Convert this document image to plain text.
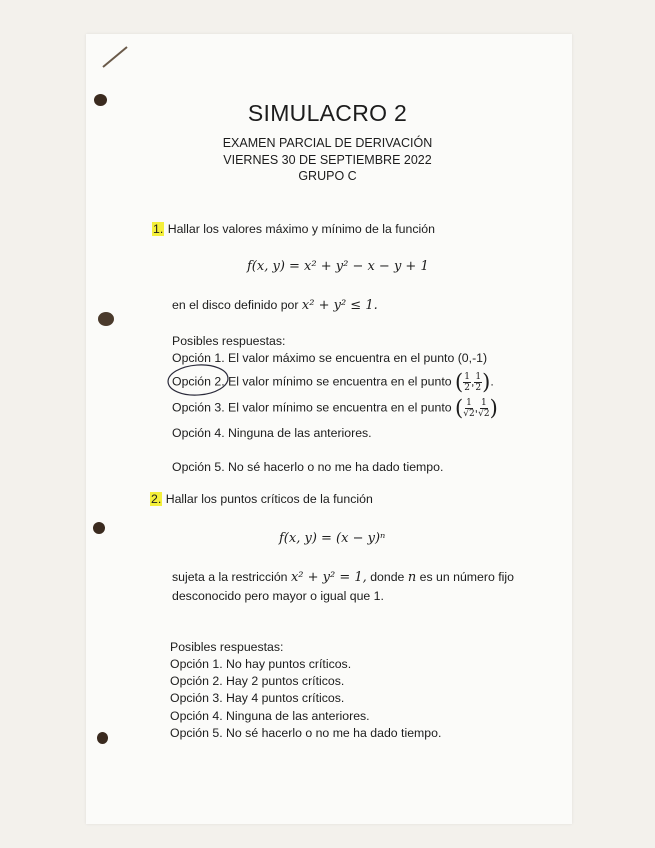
SIMULACRO 2
EXAMEN PARCIAL DE DERIVACIÓN
VIERNES 30 DE SEPTIEMBRE 2022
GRUPO C
1. Hallar los valores máximo y mínimo de la función
f(x, y) = x² + y² − x − y + 1
en el disco definido por x² + y² ≤ 1.
Posibles respuestas:
Opción 1. El valor máximo se encuentra en el punto (0,-1)
Opción 2. El valor mínimo se encuentra en el punto ( $\frac{1}{2}$ , $\frac{1}{2}$ ).
Opción 3. El valor mínimo se encuentra en el punto ( $\frac{1}{√2}$ , $\frac{1}{√2}$ )
Opción 4. Ninguna de las anteriores.
Opción 5. No sé hacerlo o no me ha dado tiempo.
2. Hallar los puntos críticos de la función
f(x, y) = (x − y)ⁿ
sujeta a la restricción x² + y² = 1, donde n es un número fijo
desconocido pero mayor o igual que 1.
Posibles respuestas:
Opción 1. No hay puntos críticos.
Opción 2. Hay 2 puntos críticos.
Opción 3. Hay 4 puntos críticos.
Opción 4. Ninguna de las anteriores.
Opción 5. No sé hacerlo o no me ha dado tiempo.
